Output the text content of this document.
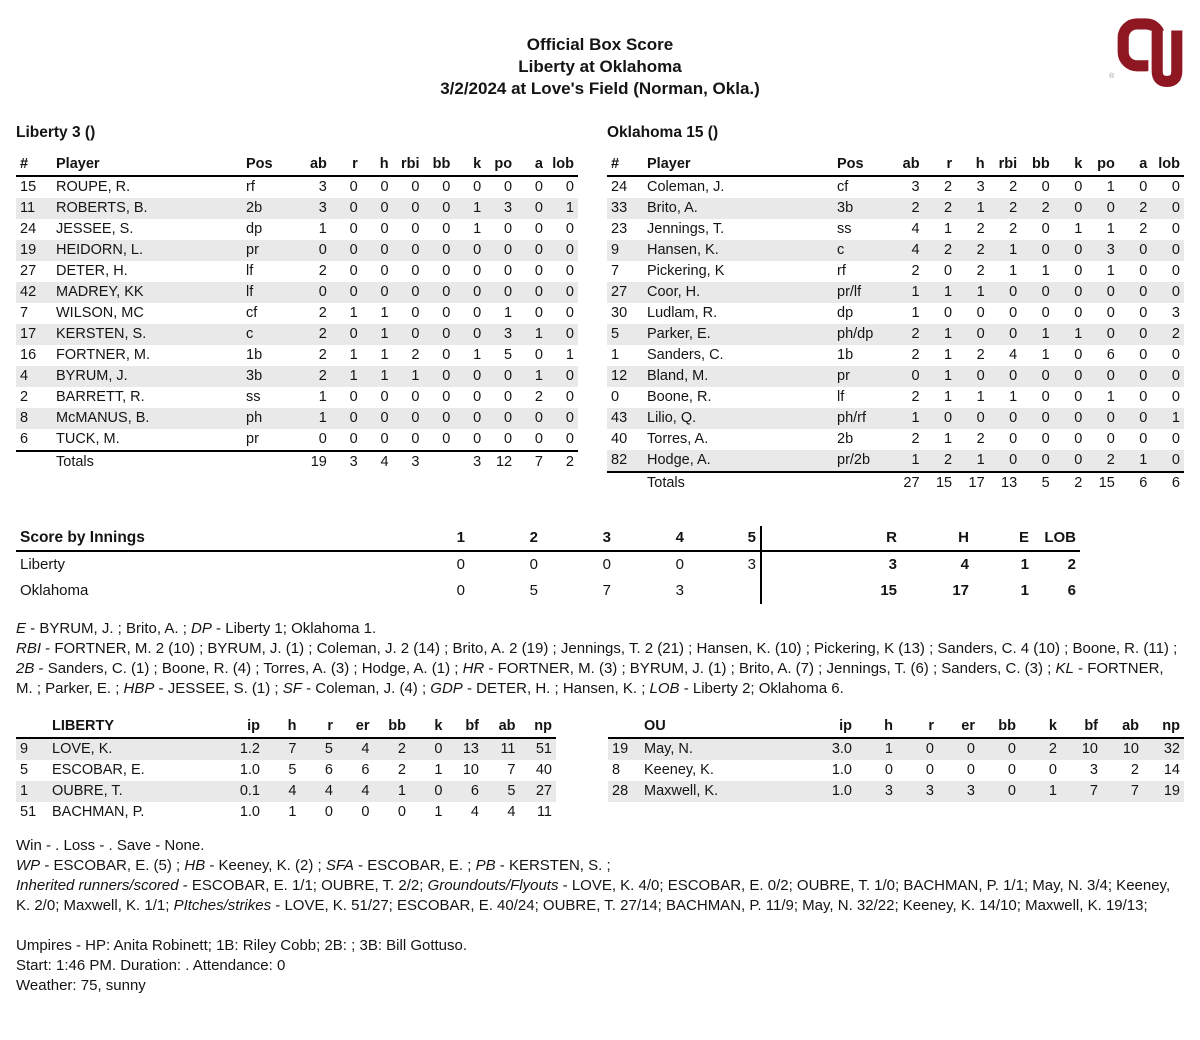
Official Box Score
Liberty at Oklahoma
3/2/2024 at Love's Field (Norman, Okla.)
®
Liberty 3 ()
#	Player	Pos	ab	r	h	rbi	bb	k	po	a	lob
15	ROUPE, R.	rf	3	0	0	0	0	0	0	0	0
11	ROBERTS, B.	2b	3	0	0	0	0	1	3	0	1
24	JESSEE, S.	dp	1	0	0	0	0	1	0	0	0
19	HEIDORN, L.	pr	0	0	0	0	0	0	0	0	0
27	DETER, H.	lf	2	0	0	0	0	0	0	0	0
42	MADREY, KK	lf	0	0	0	0	0	0	0	0	0
7	WILSON, MC	cf	2	1	1	0	0	0	1	0	0
17	KERSTEN, S.	c	2	0	1	0	0	0	3	1	0
16	FORTNER, M.	1b	2	1	1	2	0	1	5	0	1
4	BYRUM, J.	3b	2	1	1	1	0	0	0	1	0
2	BARRETT, R.	ss	1	0	0	0	0	0	0	2	0
8	McMANUS, B.	ph	1	0	0	0	0	0	0	0	0
6	TUCK, M.	pr	0	0	0	0	0	0	0	0	0
	Totals		19	3	4	3		3	12	7	2
Oklahoma 15 ()
#	Player	Pos	ab	r	h	rbi	bb	k	po	a	lob
24	Coleman, J.	cf	3	2	3	2	0	0	1	0	0
33	Brito, A.	3b	2	2	1	2	2	0	0	2	0
23	Jennings, T.	ss	4	1	2	2	0	1	1	2	0
9	Hansen, K.	c	4	2	2	1	0	0	3	0	0
7	Pickering, K	rf	2	0	2	1	1	0	1	0	0
27	Coor, H.	pr/lf	1	1	1	0	0	0	0	0	0
30	Ludlam, R.	dp	1	0	0	0	0	0	0	0	3
5	Parker, E.	ph/dp	2	1	0	0	1	1	0	0	2
1	Sanders, C.	1b	2	1	2	4	1	0	6	0	0
12	Bland, M.	pr	0	1	0	0	0	0	0	0	0
0	Boone, R.	lf	2	1	1	1	0	0	1	0	0
43	Lilio, Q.	ph/rf	1	0	0	0	0	0	0	0	1
40	Torres, A.	2b	2	1	2	0	0	0	0	0	0
82	Hodge, A.	pr/2b	1	2	1	0	0	0	2	1	0
	Totals		27	15	17	13	5	2	15	6	6
Score by Innings	1	2	3	4	5	R	H	E	LOB
Liberty	0	0	0	0	3	3	4	1	2
Oklahoma	0	5	7	3		15	17	1	6

E - BYRUM, J. ; Brito, A. ; DP - Liberty 1; Oklahoma 1.

RBI - FORTNER, M. 2 (10) ; BYRUM, J. (1) ; Coleman, J. 2 (14) ; Brito, A. 2 (19) ; Jennings, T. 2 (21) ; Hansen, K. (10) ; Pickering, K (13) ; Sanders, C. 4 (10) ; Boone, R. (11) ; 2B - Sanders, C. (1) ; Boone, R. (4) ; Torres, A. (3) ; Hodge, A. (1) ; HR - FORTNER, M. (3) ; BYRUM, J. (1) ; Brito, A. (7) ; Jennings, T. (6) ; Sanders, C. (3) ; KL - FORTNER, M. ; Parker, E. ; HBP - JESSEE, S. (1) ; SF - Coleman, J. (4) ; GDP - DETER, H. ; Hansen, K. ; LOB - Liberty 2; Oklahoma 6.

	LIBERTY	ip	h	r	er	bb	k	bf	ab	np
9	LOVE, K.	1.2	7	5	4	2	0	13	11	51
5	ESCOBAR, E.	1.0	5	6	6	2	1	10	7	40
1	OUBRE, T.	0.1	4	4	4	1	0	6	5	27
51	BACHMAN, P.	1.0	1	0	0	0	1	4	4	11
	OU	ip	h	r	er	bb	k	bf	ab	np
19	May, N.	3.0	1	0	0	0	2	10	10	32
8	Keeney, K.	1.0	0	0	0	0	0	3	2	14
28	Maxwell, K.	1.0	3	3	3	0	1	7	7	19
Win - . Loss - . Save - None.
WP - ESCOBAR, E. (5) ; HB - Keeney, K. (2) ; SFA - ESCOBAR, E. ; PB - KERSTEN, S. ;
Inherited runners/scored - ESCOBAR, E. 1/1; OUBRE, T. 2/2; Groundouts/Flyouts - LOVE, K. 4/0; ESCOBAR, E. 0/2; OUBRE, T. 1/0; BACHMAN, P. 1/1; May, N. 3/4; Keeney, K. 2/0; Maxwell, K. 1/1; PItches/strikes - LOVE, K. 51/27; ESCOBAR, E. 40/24; OUBRE, T. 27/14; BACHMAN, P. 11/9; May, N. 32/22; Keeney, K. 14/10; Maxwell, K. 19/13;
Umpires - HP: Anita Robinett; 1B: Riley Cobb; 2B: ; 3B: Bill Gottuso.
Start: 1:46 PM. Duration: . Attendance: 0
Weather: 75, sunny
